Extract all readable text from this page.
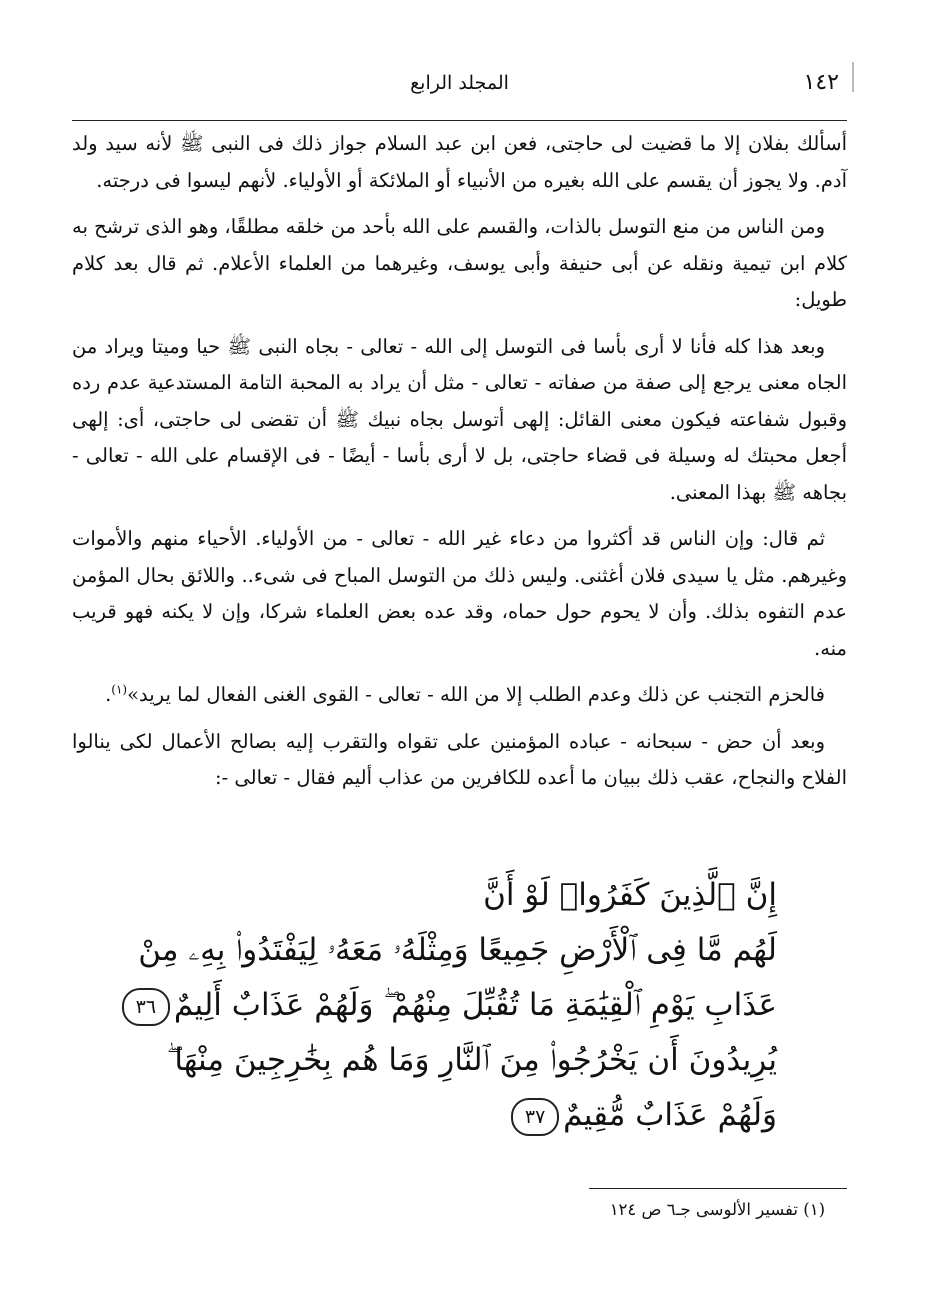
١٤٢
المجلد الرابع

أسألك بفلان إلا ما قضيت لى حاجتى، فعن ابن عبد السلام جواز ذلك فى النبى ﷺ لأنه سيد ولد آدم. ولا يجوز أن يقسم على الله بغيره من الأنبياء أو الملائكة أو الأولياء. لأنهم ليسوا فى درجته.

ومن الناس من منع التوسل بالذات، والقسم على الله بأحد من خلقه مطلقًا، وهو الذى ترشح به كلام ابن تيمية ونقله عن أبى حنيفة وأبى يوسف، وغيرهما من العلماء الأعلام. ثم قال بعد كلام طويل:

وبعد هذا كله فأنا لا أرى بأسا فى التوسل إلى الله - تعالى - بجاه النبى ﷺ حيا وميتا ويراد من الجاه معنى يرجع إلى صفة من صفاته - تعالى - مثل أن يراد به المحبة التامة المستدعية عدم رده وقبول شفاعته فيكون معنى القائل: إلهى أتوسل بجاه نبيك ﷺ أن تقضى لى حاجتى، أى: إلهى أجعل محبتك له وسيلة فى قضاء حاجتى، بل لا أرى بأسا - أيضًا - فى الإقسام على الله - تعالى - بجاهه ﷺ بهذا المعنى.

ثم قال: وإن الناس قد أكثروا من دعاء غير الله - تعالى - من الأولياء. الأحياء منهم والأموات وغيرهم. مثل يا سيدى فلان أغثنى. وليس ذلك من التوسل المباح فى شىء.. واللائق بحال المؤمن عدم التفوه بذلك. وأن لا يحوم حول حماه، وقد عده بعض العلماء شركا، وإن لا يكنه فهو قريب منه.

فالحزم التجنب عن ذلك وعدم الطلب إلا من الله - تعالى - القوى الغنى الفعال لما يريد»$^{(١)}$.

وبعد أن حض - سبحانه - عباده المؤمنين على تقواه والتقرب إليه بصالح الأعمال لكى ينالوا الفلاح والنجاح، عقب ذلك ببيان ما أعده للكافرين من عذاب أليم فقال - تعالى -:

إِنَّ ٱلَّذِينَ كَفَرُوا۟ لَوْ أَنَّ
لَهُم مَّا فِى ٱلْأَرْضِ جَمِيعًا وَمِثْلَهُۥ مَعَهُۥ لِيَفْتَدُوا۟ بِهِۦ مِنْ
عَذَابِ يَوْمِ ٱلْقِيَٰمَةِ مَا تُقُبِّلَ مِنْهُمْ ۖ وَلَهُمْ عَذَابٌ أَلِيمٌ٣٦
يُرِيدُونَ أَن يَخْرُجُوا۟ مِنَ ٱلنَّارِ وَمَا هُم بِخَٰرِجِينَ مِنْهَا ۖ
وَلَهُمْ عَذَابٌ مُّقِيمٌ٣٧
(١) تفسير الألوسى جـ٦ ص ١٢٤
